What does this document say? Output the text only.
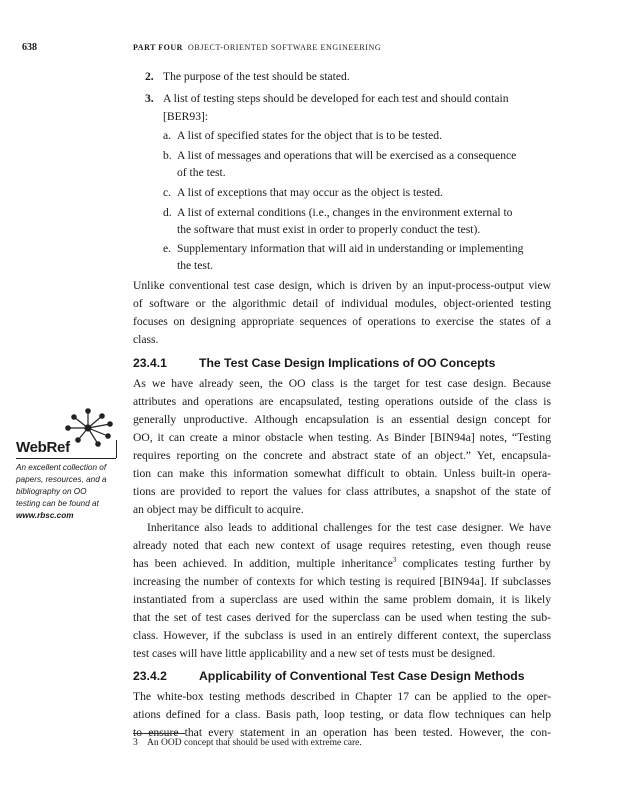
638	PART FOUR OBJECT-ORIENTED SOFTWARE ENGINEERING
2. The purpose of the test should be stated.
3. A list of testing steps should be developed for each test and should contain
[BER93]:
a. A list of specified states for the object that is to be tested.
b. A list of messages and operations that will be exercised as a consequence
of the test.
c. A list of exceptions that may occur as the object is tested.
d. A list of external conditions (i.e., changes in the environment external to
the software that must exist in order to properly conduct the test).
e. Supplementary information that will aid in understanding or implementing
the test.
Unlike conventional test case design, which is driven by an input-process-output view
of software or the algorithmic detail of individual modules, object-oriented testing
focuses on designing appropriate sequences of operations to exercise the states of a
class.
23.4.1	The Test Case Design Implications of OO Concepts
As we have already seen, the OO class is the target for test case design. Because
attributes and operations are encapsulated, testing operations outside of the class is
generally unproductive. Although encapsulation is an essential design concept for
OO, it can create a minor obstacle when testing. As Binder [BIN94a] notes, “Testing
requires reporting on the concrete and abstract state of an object.” Yet, encapsula-
tion can make this information somewhat difficult to obtain. Unless built-in opera-
tions are provided to report the values for class attributes, a snapshot of the state of
an object may be difficult to acquire.
Inheritance also leads to additional challenges for the test case designer. We have
already noted that each new context of usage requires retesting, even though reuse
has been achieved. In addition, multiple inheritance$^3$ complicates testing further by
increasing the number of contexts for which testing is required [BIN94a]. If subclasses
instantiated from a superclass are used within the same problem domain, it is likely
that the set of test cases derived for the superclass can be used when testing the sub-
class. However, if the subclass is used in an entirely different context, the superclass
test cases will have little applicability and a new set of tests must be designed.
23.4.2	Applicability of Conventional Test Case Design Methods
The white-box testing methods described in Chapter 17 can be applied to the oper-
ations defined for a class. Basis path, loop testing, or data flow techniques can help
to ensure that every statement in an operation has been tested. However, the con-
WebRef
An excellent collection of
papers, resources, and a
bibliography on OO
testing can be found at
www.rbsc.com
3 An OOD concept that should be used with extreme care.
